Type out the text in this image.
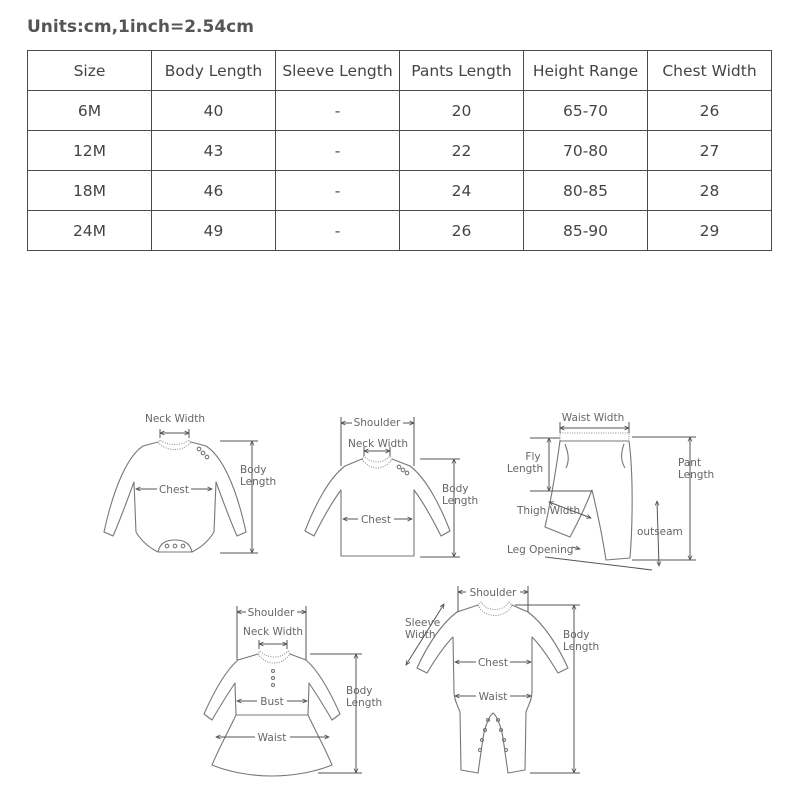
Units:cm,1inch=2.54cm
Size	Body Length	Sleeve Length	Pants Length	Height Range	Chest Width
6M	40	-	20	65-70	26
12M	43	-	22	70-80	27
18M	46	-	24	80-85	28
24M	49	-	26	85-90	29
Neck Width
Body
Length
Chest
Shoulder
Neck Width
Body
Length
Chest
Waist Width
Fly
Length	Pant
Length
Thigh Width
outseam
Leg Opening
Shoulder
Neck Width
Body
Length
Bust
Waist
Shoulder
Sleeve
Width	Body
Length
Chest
Waist
